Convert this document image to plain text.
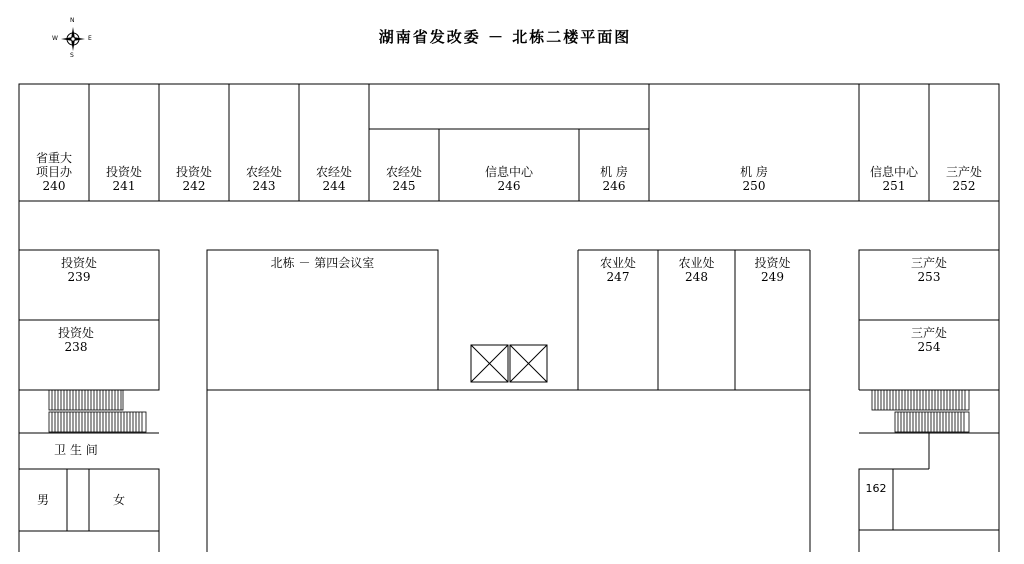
湖南省发改委 － 北栋二楼平面图
N
S
E
W
省重大
项目办
240
投资处
241
投资处
242
农经处
243
农经处
244
农经处
245
信息中心
246
机 房
246
机 房
250
信息中心
251
三产处
252
投资处
239
投资处
238
卫 生 间
男	女
北栋 － 第四会议室	农业处
247
农业处
248
投资处
249
三产处
253
三产处
254
162
